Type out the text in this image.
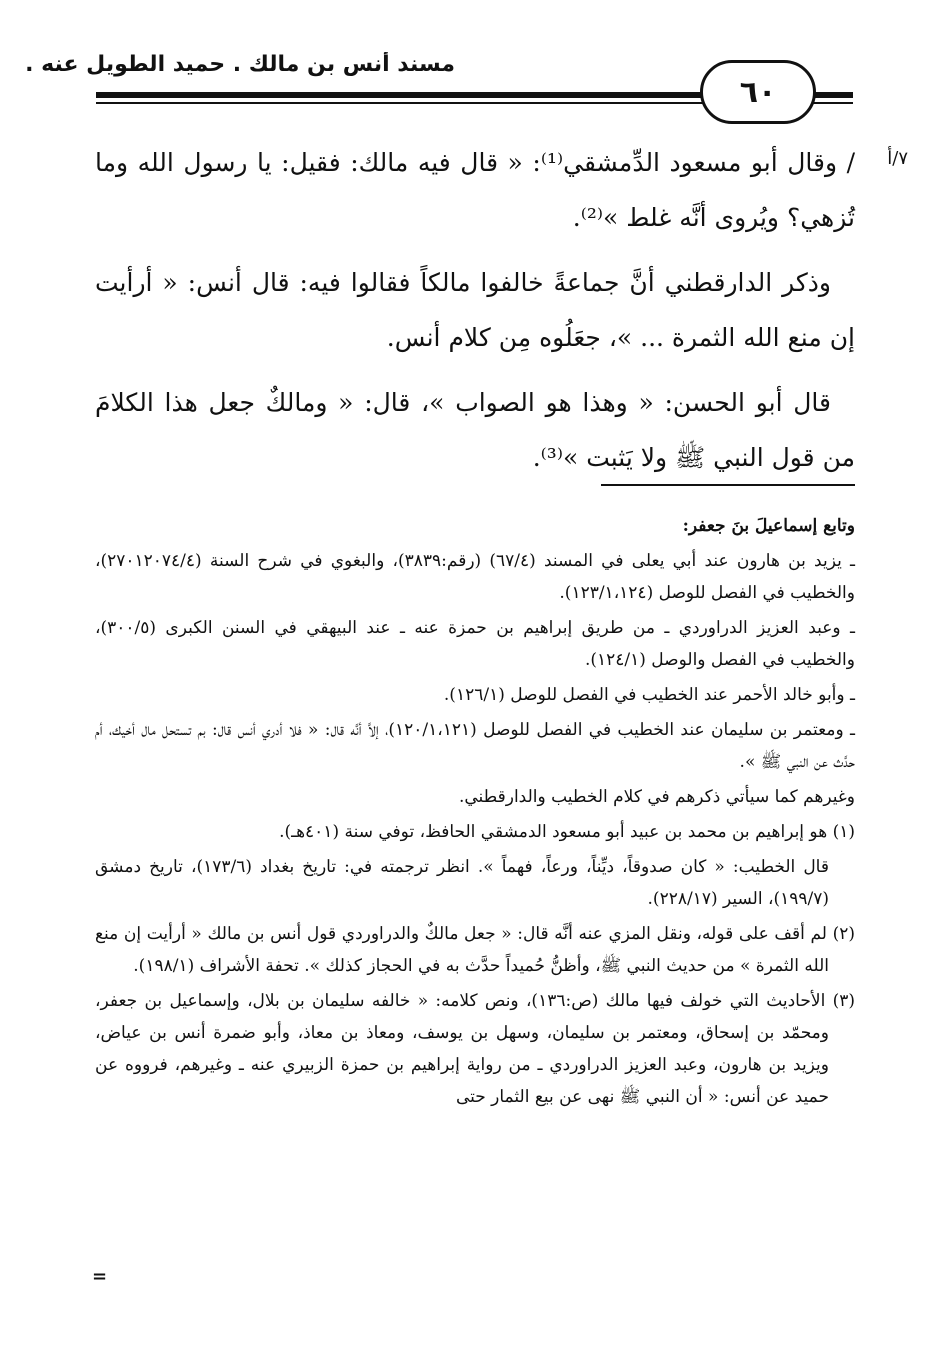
مسند أنس بن مالك . حميد الطويل عنه .
٦٠
٧/أ

/ وقال أبو مسعود الدِّمشقي⁽¹⁾: « قال فيه مالك: فقيل: يا رسول الله وما تُزهي؟ ويُروى أنَّه غلط »⁽²⁾.

وذكر الدارقطني أنَّ جماعةً خالفوا مالكاً فقالوا فيه: قال أنس: « أرأيت إن منع الله الثمرة ... »، جعَلُوه مِن كلام أنس.

قال أبو الحسن: « وهذا هو الصواب »، قال: « ومالكٌ جعل هذا الكلامَ من قول النبي ﷺ ولا يَثبت »⁽³⁾.

وتابع إسماعيلَ بنَ جعفر:

ـ يزيد بن هارون عند أبي يعلى في المسند (٦٧/٤) (رقم:٣٨٣٩)، والبغوي في شرح السنة (٢٧٠١٢٠٧٤/٤)، والخطيب في الفصل للوصل (١٢٣/١،١٢٤).

ـ وعبد العزيز الدراوردي ـ من طريق إبراهيم بن حمزة عنه ـ عند البيهقي في السنن الكبرى (٣٠٠/٥)، والخطيب في الفصل والوصل (١٢٤/١).

ـ وأبو خالد الأحمر عند الخطيب في الفصل للوصل (١٢٦/١).

ـ ومعتمر بن سليمان عند الخطيب في الفصل للوصل (١٢٠/١،١٢١)، إلاَّ أنَّه قال: « فلا أدري أنس قال: بم تستحل مال أخيك، أم حدَّث عن النبي ﷺ ».

وغيرهم كما سيأتي ذكرهم في كلام الخطيب والدارقطني.

(١) هو إبراهيم بن محمد بن عبيد أبو مسعود الدمشقي الحافظ، توفي سنة (٤٠١هـ).

قال الخطيب: « كان صدوقاً، ديِّناً، ورعاً، فهماً ». انظر ترجمته في: تاريخ بغداد (١٧٣/٦)، تاريخ دمشق (١٩٩/٧)، السير (٢٢٨/١٧).

(٢) لم أقف على قوله، ونقل المزي عنه أنَّه قال: « جعل مالكٌ والدراوردي قول أنس بن مالك « أرأيت إن منع الله الثمرة » من حديث النبي ﷺ، وأظنُّ حُميداً حدَّث به في الحجاز كذلك ». تحفة الأشراف (١٩٨/١).

(٣) الأحاديث التي خولف فيها مالك (ص:١٣٦)، ونص كلامه: « خالفه سليمان بن بلال، وإسماعيل بن جعفر، ومحمّد بن إسحاق، ومعتمر بن سليمان، وسهل بن يوسف، ومعاذ بن معاذ، وأبو ضمرة أنس بن عياض، ويزيد بن هارون، وعبد العزيز الدراوردي ـ من رواية إبراهيم بن حمزة الزبيري عنه ـ وغيرهم، فرووه عن حميد عن أنس: « أن النبي ﷺ نهى عن بيع الثمار حتى

=
